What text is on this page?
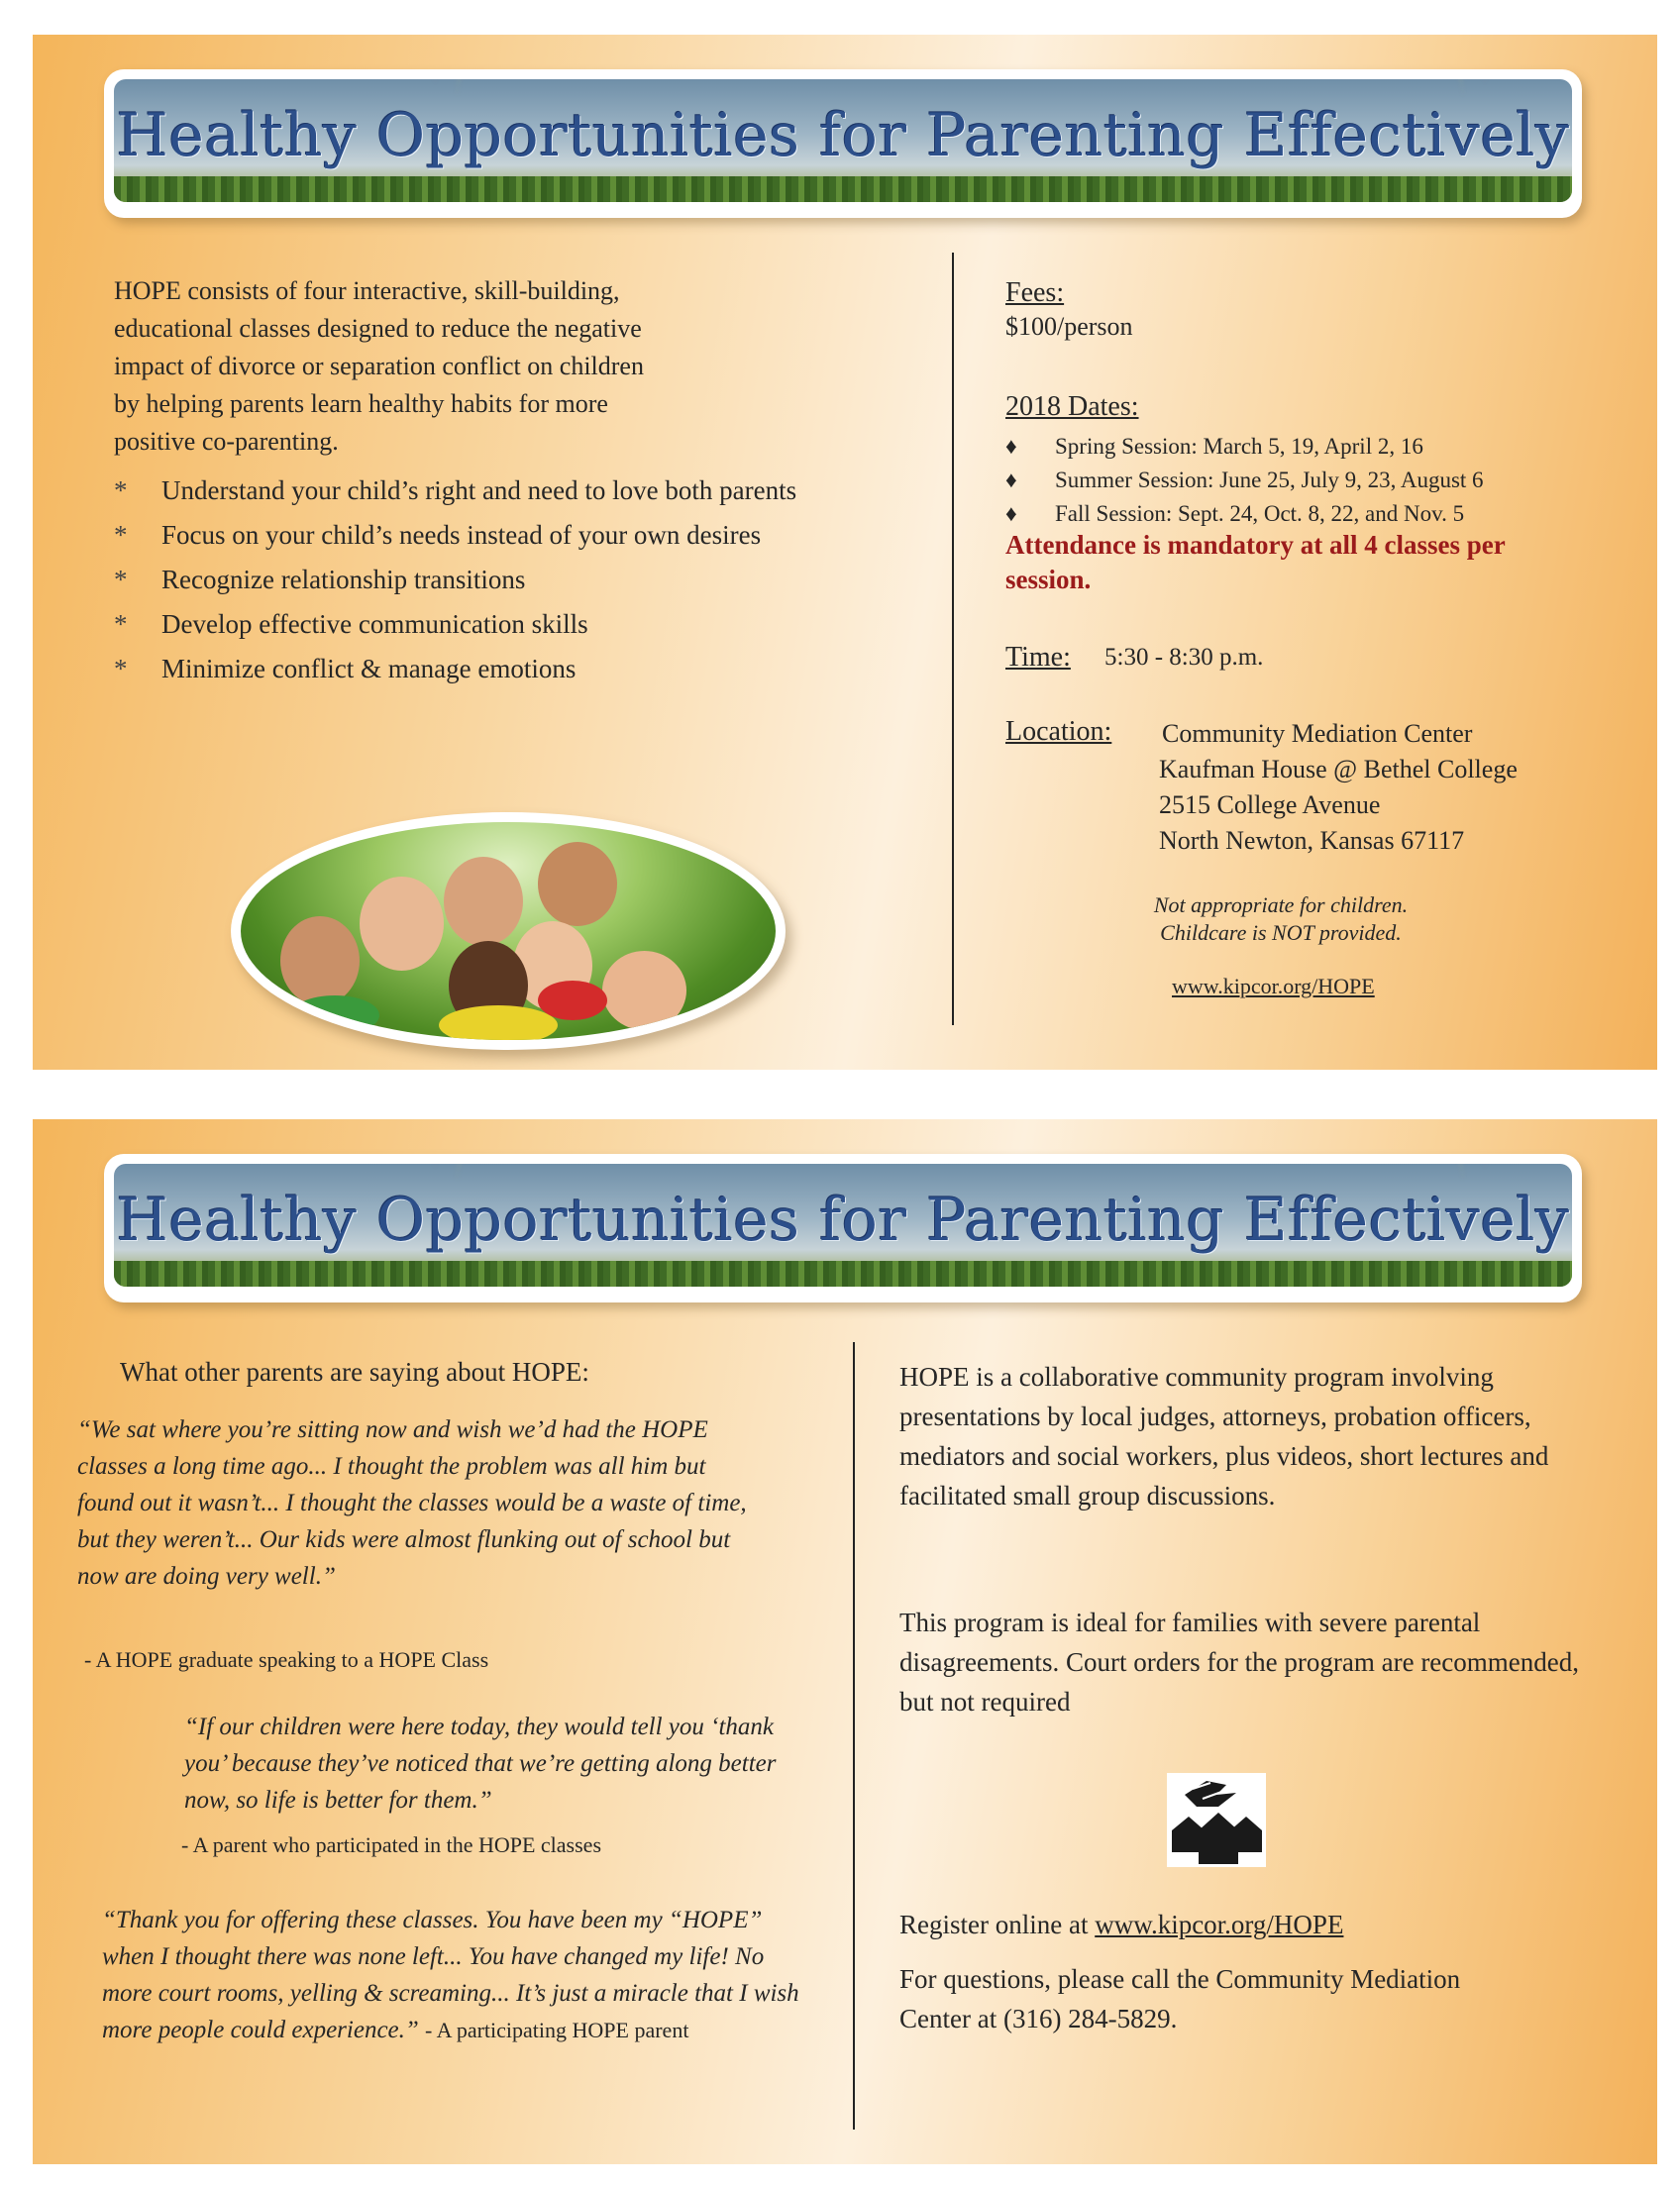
Healthy Opportunities for Parenting Effectively
HOPE consists of four interactive, skill-building, educational classes designed to reduce the negative impact of divorce or separation conflict on children by helping parents learn healthy habits for more positive co-parenting.
*	Understand your child’s right and need to love both parents
*	Focus on your child’s needs instead of your own desires
*	Recognize relationship transitions
*	Develop effective communication skills
*	Minimize conflict & manage emotions
Fees:
$100/person
2018 Dates:
♦	Spring Session: March 5, 19, April 2, 16
♦	Summer Session: June 25, July 9, 23, August 6
♦	Fall Session: Sept. 24, Oct. 8, 22, and Nov. 5
Attendance is mandatory at all 4 classes per session.
Time: 5:30 - 8:30 p.m.
Location: Community Mediation Center
Kaufman House @ Bethel College
2515 College Avenue
North Newton, Kansas 67117
Not appropriate for children.
Childcare is NOT provided.
www.kipcor.org/HOPE
Healthy Opportunities for Parenting Effectively
What other parents are saying about HOPE:
“We sat where you’re sitting now and wish we’d had the HOPE classes a long time ago... I thought the problem was all him but found out it wasn’t... I thought the classes would be a waste of time, but they weren’t... Our kids were almost flunking out of school but now are doing very well.”
- A HOPE graduate speaking to a HOPE Class
“If our children were here today, they would tell you ‘thank you’ because they’ve noticed that we’re getting along better now, so life is better for them.”
- A parent who participated in the HOPE classes
“Thank you for offering these classes. You have been my “HOPE” when I thought there was none left... You have changed my life! No more court rooms, yelling & screaming... It’s just a miracle that I wish more people could experience.” - A participating HOPE parent
HOPE is a collaborative community program involving presentations by local judges, attorneys, probation officers, mediators and social workers, plus videos, short lectures and facilitated small group discussions.
This program is ideal for families with severe parental disagreements. Court orders for the program are recommended, but not required
Register online at www.kipcor.org/HOPE
For questions, please call the Community Mediation Center at (316) 284-5829.
